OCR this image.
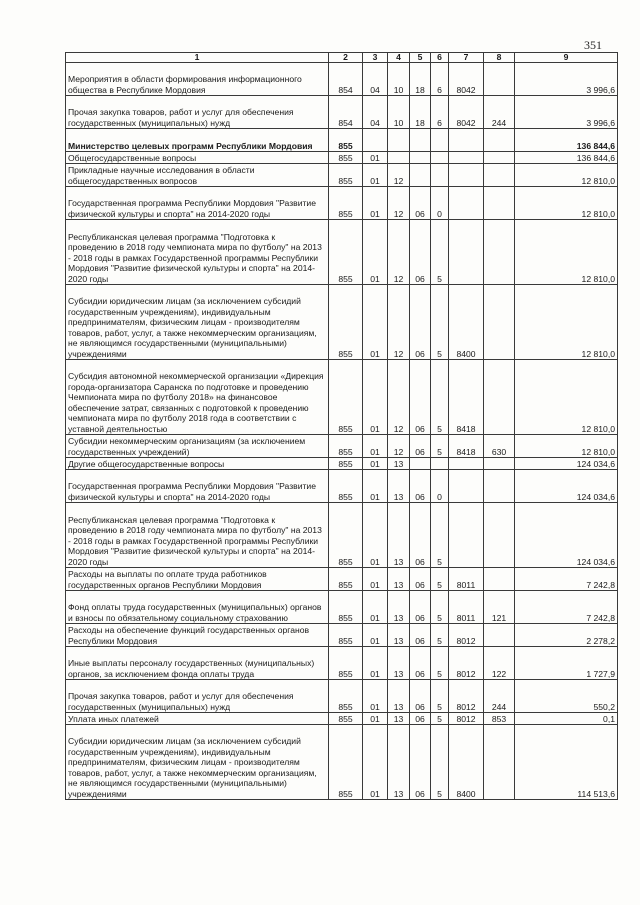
351
1	2	3	4	5	6	7	8	9
Мероприятия в области формирования информационного общества в Республике Мордовия	854	04	10	18	6	8042		3 996,6
Прочая закупка товаров, работ и услуг для обеспечения государственных (муниципальных) нужд	854	04	10	18	6	8042	244	3 996,6
Министерство целевых программ Республики Мордовия	855							136 844,6
Общегосударственные вопросы	855	01						136 844,6
Прикладные научные исследования в области общегосударственных вопросов	855	01	12					12 810,0
Государственная программа Республики Мордовия "Развитие физической культуры и спорта" на 2014-2020 годы	855	01	12	06	0			12 810,0
Республиканская целевая программа "Подготовка к проведению в 2018 году чемпионата мира по футболу" на 2013 - 2018 годы в рамках Государственной программы Республики Мордовия "Развитие физической культуры и спорта" на 2014-2020 годы	855	01	12	06	5			12 810,0
Субсидии юридическим лицам (за исключением субсидий государственным учреждениям), индивидуальным предпринимателям, физическим лицам - производителям товаров, работ, услуг, а также некоммерческим организациям, не являющимся государственными (муниципальными) учреждениями	855	01	12	06	5	8400		12 810,0
Субсидия автономной некоммерческой организации «Дирекция города-организатора Саранска по подготовке и проведению Чемпионата мира по футболу 2018» на финансовое обеспечение затрат, связанных с подготовкой к проведению чемпионата мира по футболу 2018 года в соответствии с уставной деятельностью	855	01	12	06	5	8418		12 810,0
Субсидии некоммерческим организациям (за исключением государственных учреждений)	855	01	12	06	5	8418	630	12 810,0
Другие общегосударственные вопросы	855	01	13					124 034,6
Государственная программа Республики Мордовия "Развитие физической культуры и спорта" на 2014-2020 годы	855	01	13	06	0			124 034,6
Республиканская целевая программа "Подготовка к проведению в 2018 году чемпионата мира по футболу" на 2013 - 2018 годы в рамках Государственной программы Республики Мордовия "Развитие физической культуры и спорта" на 2014-2020 годы	855	01	13	06	5			124 034,6
Расходы на выплаты по оплате труда работников государственных органов Республики Мордовия	855	01	13	06	5	8011		7 242,8
Фонд оплаты труда государственных (муниципальных) органов и взносы по обязательному социальному страхованию	855	01	13	06	5	8011	121	7 242,8
Расходы на обеспечение функций государственных органов Республики Мордовия	855	01	13	06	5	8012		2 278,2
Иные выплаты персоналу государственных (муниципальных) органов, за исключением фонда оплаты труда	855	01	13	06	5	8012	122	1 727,9
Прочая закупка товаров, работ и услуг для обеспечения государственных (муниципальных) нужд	855	01	13	06	5	8012	244	550,2
Уплата иных платежей	855	01	13	06	5	8012	853	0,1
Субсидии юридическим лицам (за исключением субсидий государственным учреждениям), индивидуальным предпринимателям, физическим лицам - производителям товаров, работ, услуг, а также некоммерческим организациям, не являющимся государственными (муниципальными) учреждениями	855	01	13	06	5	8400		114 513,6
